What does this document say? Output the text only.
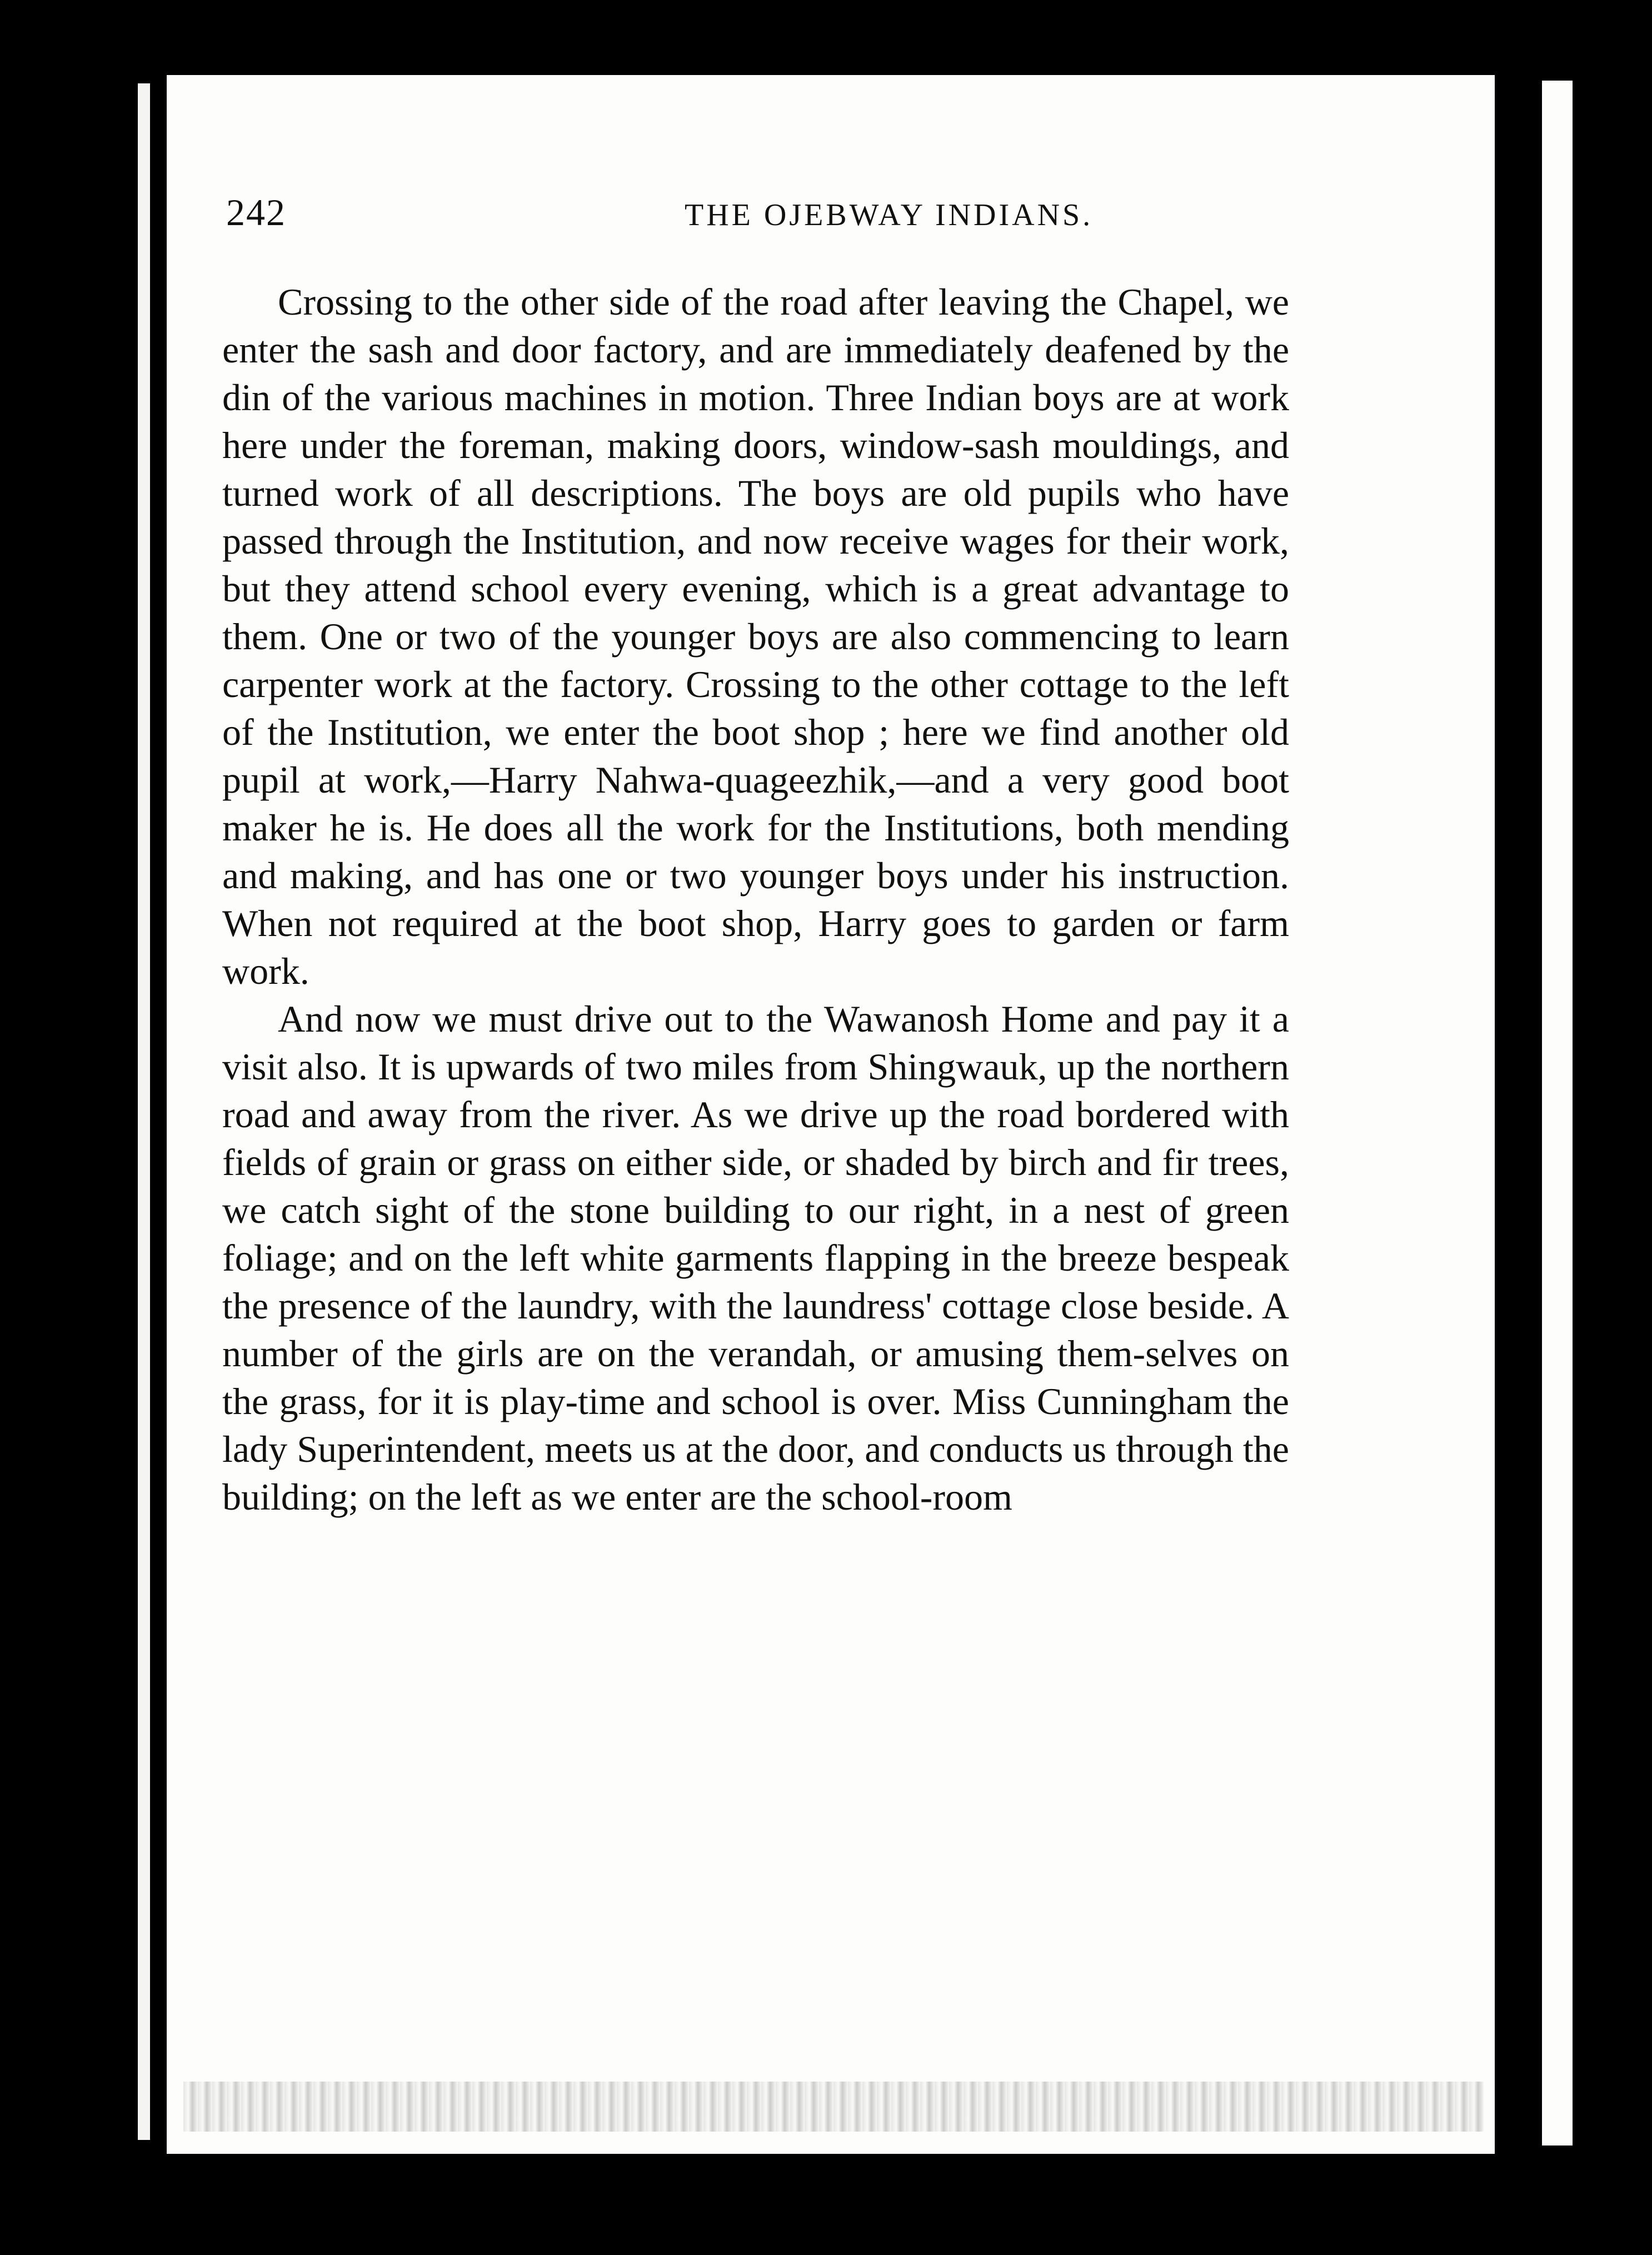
242	THE OJEBWAY INDIANS.

Crossing to the other side of the road after leaving the Chapel, we enter the sash and door factory, and are immediately deafened by the din of the various machines in motion. Three Indian boys are at work here under the foreman, making doors, window-sash mouldings, and turned work of all descriptions. The boys are old pupils who have passed through the Institution, and now receive wages for their work, but they attend school every evening, which is a great advantage to them. One or two of the younger boys are also commencing to learn carpenter work at the factory. Crossing to the other cottage to the left of the Institution, we enter the boot shop ; here we find another old pupil at work,—Harry Nahwa-quageezhik,—and a very good boot maker he is. He does all the work for the Institutions, both mending and making, and has one or two younger boys under his instruction. When not required at the boot shop, Harry goes to garden or farm work.

And now we must drive out to the Wawanosh Home and pay it a visit also. It is upwards of two miles from Shingwauk, up the northern road and away from the river. As we drive up the road bordered with fields of grain or grass on either side, or shaded by birch and fir trees, we catch sight of the stone building to our right, in a nest of green foliage; and on the left white garments flapping in the breeze bespeak the presence of the laundry, with the laundress' cottage close beside. A number of the girls are on the verandah, or amusing them-selves on the grass, for it is play-time and school is over. Miss Cunningham the lady Superintendent, meets us at the door, and conducts us through the building; on the left as we enter are the school-room
